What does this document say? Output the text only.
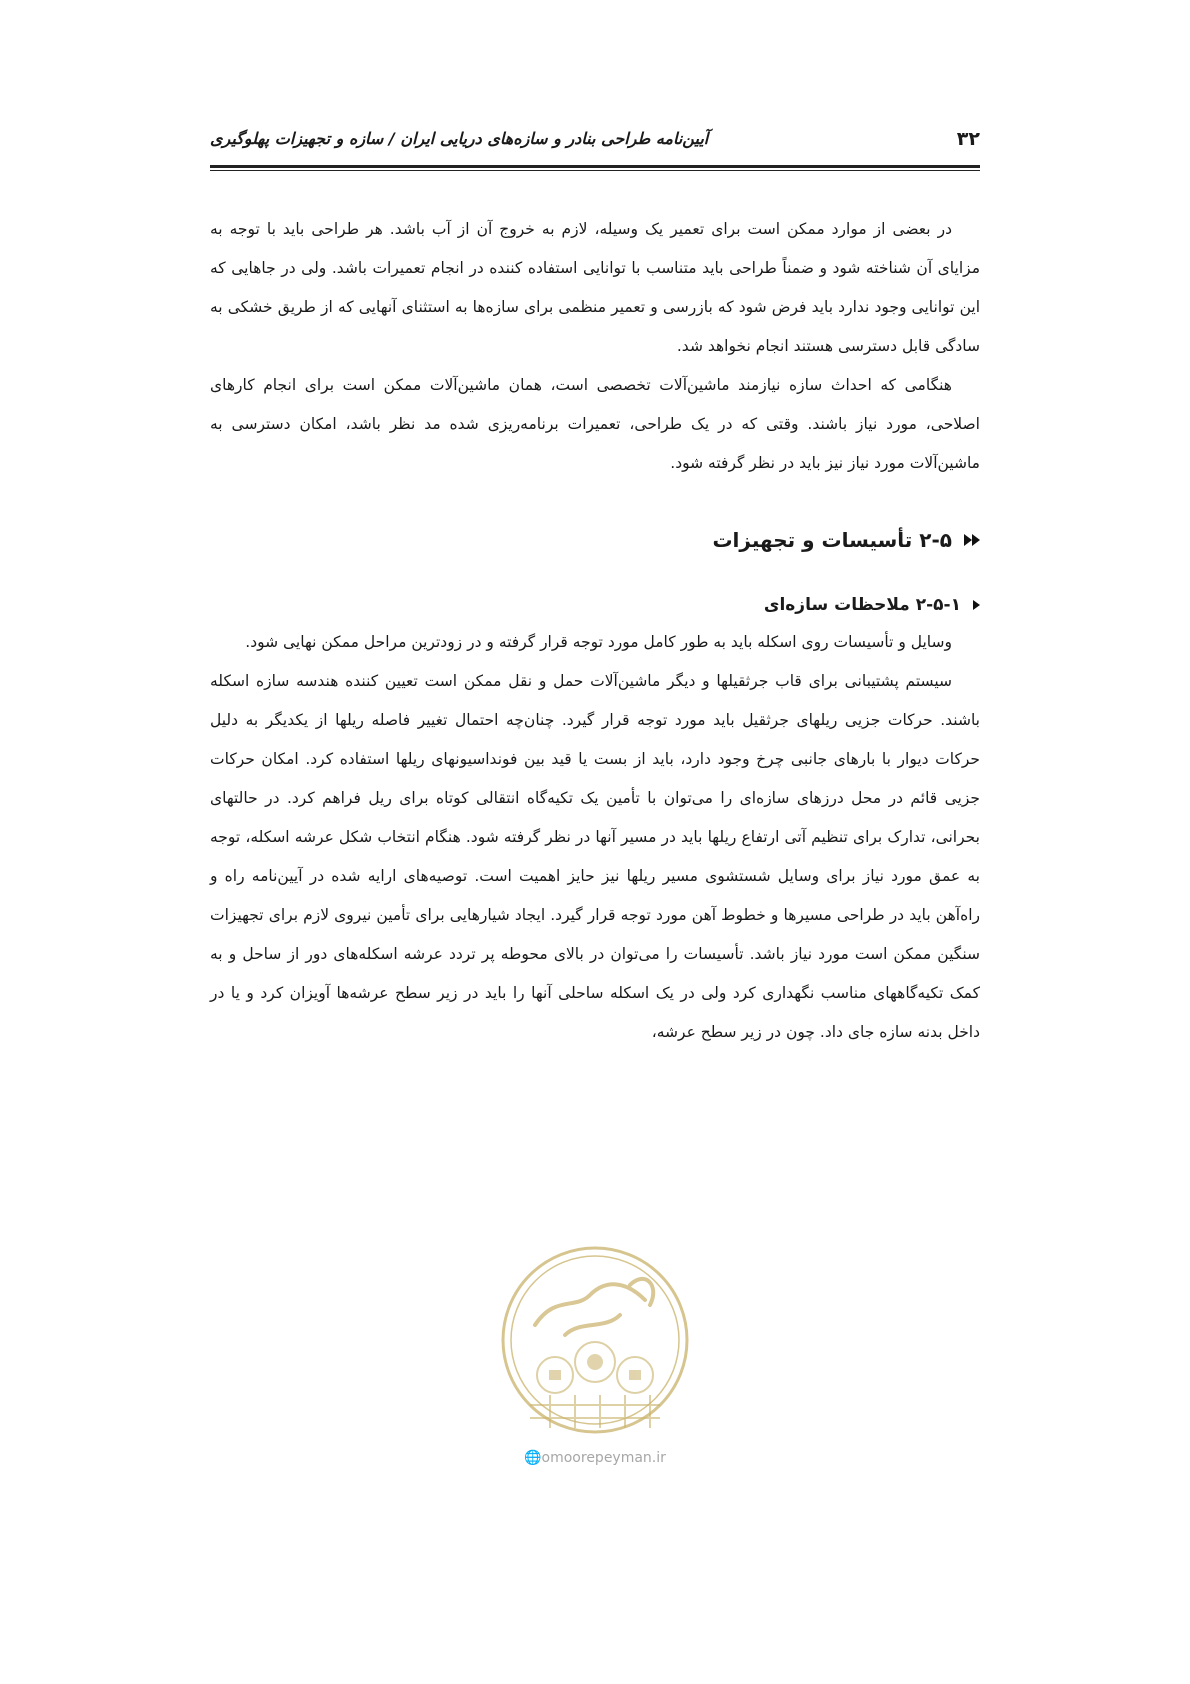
۳۲
آیین‌نامه طراحی بنادر و سازه‌های دریایی ایران / سازه و تجهیزات پهلوگیری

در بعضی از موارد ممکن است برای تعمیر یک وسیله، لازم به خروج آن از آب باشد. هر طراحی باید با توجه به مزایای آن شناخته شود و ضمناً طراحی باید متناسب با توانایی استفاده کننده در انجام تعمیرات باشد. ولی در جاهایی که این توانایی وجود ندارد باید فرض شود که بازرسی و تعمیر منظمی برای سازه‌ها به استثنای آنهایی که از طریق خشکی به سادگی قابل دسترسی هستند انجام نخواهد شد.

هنگامی که احداث سازه نیازمند ماشین‌آلات تخصصی است، همان ماشین‌آلات ممکن است برای انجام کارهای اصلاحی، مورد نیاز باشند. وقتی که در یک طراحی، تعمیرات برنامه‌ریزی شده مد نظر باشد، امکان دسترسی به ماشین‌آلات مورد نیاز نیز باید در نظر گرفته شود.

۲-۵ تأسیسات و تجهیزات
۲-۵-۱ ملاحظات سازه‌ای

وسایل و تأسیسات روی اسکله باید به طور کامل مورد توجه قرار گرفته و در زودترین مراحل ممکن نهایی شود.

سیستم پشتیبانی برای قاب جرثقیلها و دیگر ماشین‌آلات حمل و نقل ممکن است تعیین کننده هندسه سازه اسکله باشند. حرکات جزیی ریلهای جرثقیل باید مورد توجه قرار گیرد. چنان‌چه احتمال تغییر فاصله ریلها از یکدیگر به دلیل حرکات دیوار با بارهای جانبی چرخ وجود دارد، باید از بست یا قید بین فونداسیونهای ریلها استفاده کرد. امکان حرکات جزیی قائم در محل درزهای سازه‌ای را می‌توان با تأمین یک تکیه‌گاه انتقالی کوتاه برای ریل فراهم کرد. در حالتهای بحرانی، تدارک برای تنظیم آتی ارتفاع ریلها باید در مسیر آنها در نظر گرفته شود. هنگام انتخاب شکل عرشه اسکله، توجه به عمق مورد نیاز برای وسایل شستشوی مسیر ریلها نیز حایز اهمیت است. توصیه‌های ارایه شده در آیین‌نامه راه و راه‌آهن باید در طراحی مسیرها و خطوط آهن مورد توجه قرار گیرد. ایجاد شیارهایی برای تأمین نیروی لازم برای تجهیزات سنگین ممکن است مورد نیاز باشد. تأسیسات را می‌توان در بالای محوطه پر تردد عرشه اسکله‌های دور از ساحل و به کمک تکیه‌گاههای مناسب نگهداری کرد ولی در یک اسکله ساحلی آنها را باید در زیر سطح عرشه‌ها آویزان کرد و یا در داخل بدنه سازه جای داد. چون در زیر سطح عرشه،

🌐omoorepeyman.ir
